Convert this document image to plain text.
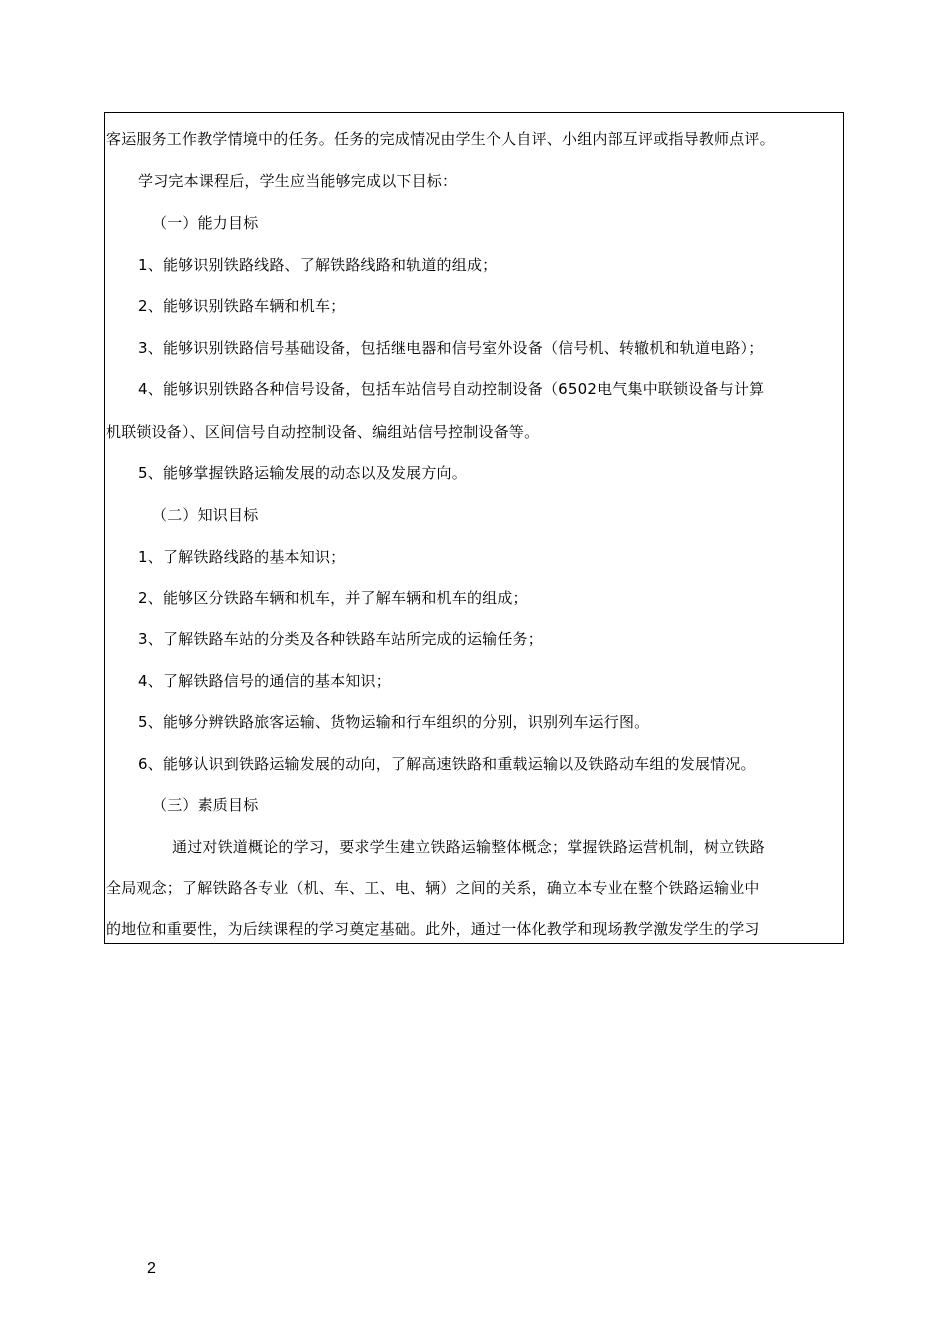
客运服务工作教学情境中的任务。任务的完成情况由学生个人自评、小组内部互评或指导教师点评。
学习完本课程后，学生应当能够完成以下目标：
（一）能力目标
1、能够识别铁路线路、了解铁路线路和轨道的组成；
2、能够识别铁路车辆和机车；
3、能够识别铁路信号基础设备，包括继电器和信号室外设备（信号机、转辙机和轨道电路）；
4、能够识别铁路各种信号设备，包括车站信号自动控制设备（6502电气集中联锁设备与计算
机联锁设备）、区间信号自动控制设备、编组站信号控制设备等。
5、能够掌握铁路运输发展的动态以及发展方向。
（二）知识目标
1、了解铁路线路的基本知识；
2、能够区分铁路车辆和机车，并了解车辆和机车的组成；
3、了解铁路车站的分类及各种铁路车站所完成的运输任务；
4、了解铁路信号的通信的基本知识；
5、能够分辨铁路旅客运输、货物运输和行车组织的分别，识别列车运行图。
6、能够认识到铁路运输发展的动向，了解高速铁路和重载运输以及铁路动车组的发展情况。
（三）素质目标
通过对铁道概论的学习，要求学生建立铁路运输整体概念；掌握铁路运营机制，树立铁路
全局观念；了解铁路各专业（机、车、工、电、辆）之间的关系，确立本专业在整个铁路运输业中
的地位和重要性，为后续课程的学习奠定基础。此外，通过一体化教学和现场教学激发学生的学习
2
